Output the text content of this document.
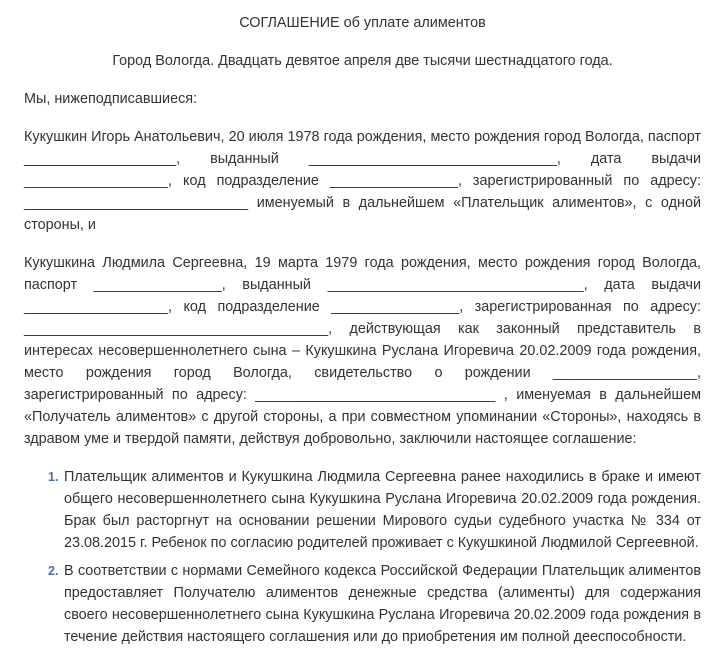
СОГЛАШЕНИЕ об уплате алиментов
Город Вологда. Двадцать девятое апреля две тысячи шестнадцатого года.
Мы, нижеподписавшиеся:
Кукушкин Игорь Анатольевич, 20 июля 1978 года рождения, место рождения город Вологда, паспорт ___________________, выданный _______________________________, дата выдачи __________________, код подразделение ________________, зарегистрированный по адресу: ____________________________ именуемый в дальнейшем «Плательщик алиментов», с одной стороны, и
Кукушкина Людмила Сергеевна, 19 марта 1979 года рождения, место рождения город Вологда, паспорт ________________, выданный ________________________________, дата выдачи __________________, код подразделение ________________, зарегистрированная по адресу: ______________________________________, действующая как законный представитель в интересах несовершеннолетнего сына – Кукушкина Руслана Игоревича 20.02.2009 года рождения, место рождения город Вологда, свидетельство о рождении __________________, зарегистрированный по адресу: ______________________________ , именуемая в дальнейшем «Получатель алиментов» с другой стороны, а при совместном упоминании «Стороны», находясь в здравом уме и твердой памяти, действуя добровольно, заключили настоящее соглашение:
1. Плательщик алиментов и Кукушкина Людмила Сергеевна ранее находились в браке и имеют общего несовершеннолетнего сына Кукушкина Руслана Игоревича 20.02.2009 года рождения. Брак был расторгнут на основании решении Мирового судьи судебного участка № 334 от 23.08.2015 г. Ребенок по согласию родителей проживает с Кукушкиной Людмилой Сергеевной.
2. В соответствии с нормами Семейного кодекса Российской Федерации Плательщик алиментов предоставляет Получателю алиментов денежные средства (алименты) для содержания своего несовершеннолетнего сына Кукушкина Руслана Игоревича 20.02.2009 года рождения в течение действия настоящего соглашения или до приобретения им полной дееспособности.
